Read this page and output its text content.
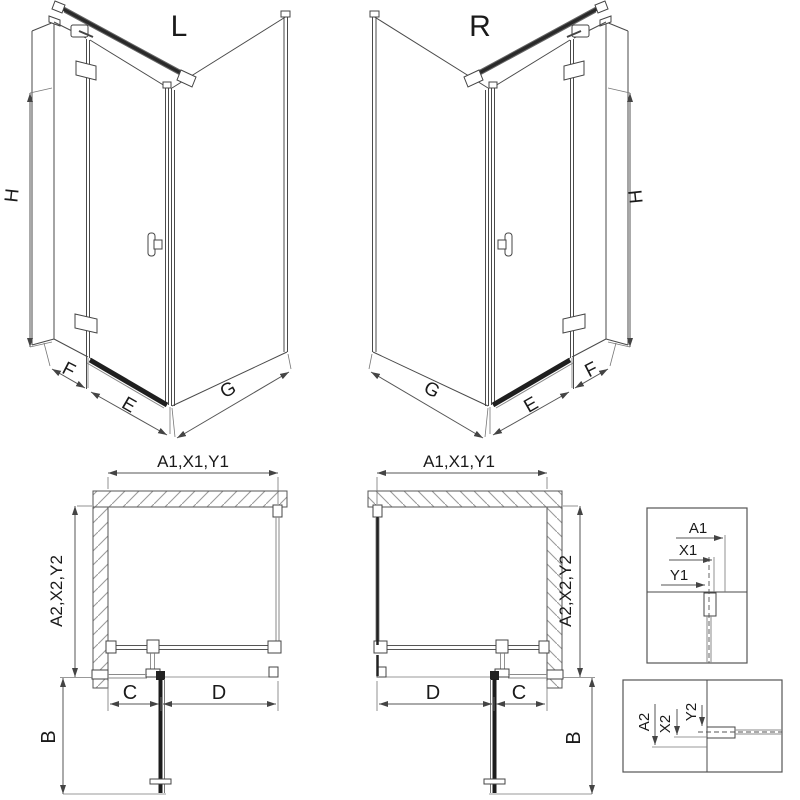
L
H
F
E
G
R
H
F
E
G
A1,X1,Y1
A2,X2,Y2
B
C	D
A1,X1,Y1
A2,X2,Y2
B
D	C
A1
X1
Y1
A2 X2
Y2
